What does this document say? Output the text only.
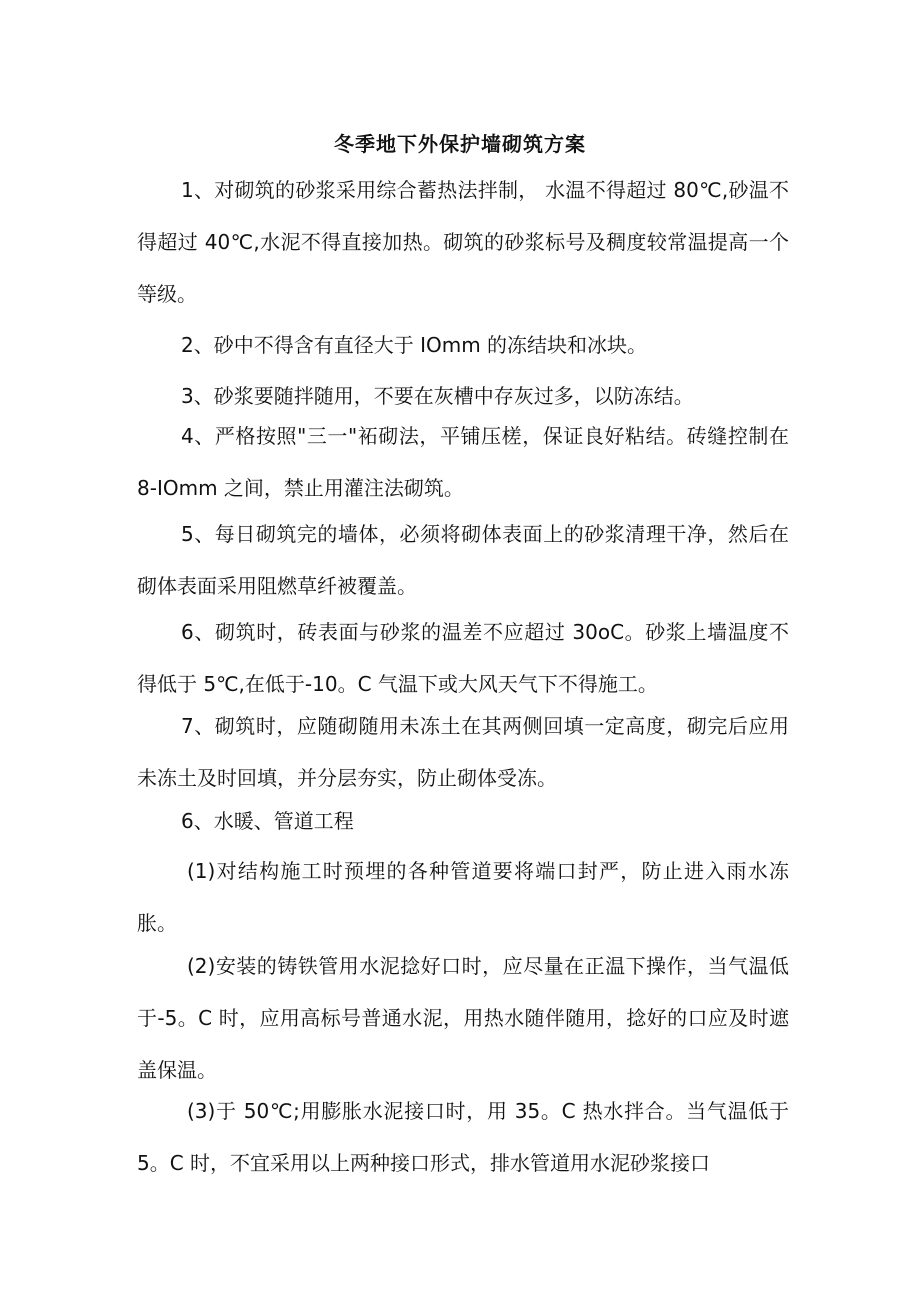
冬季地下外保护墙砌筑方案
1、对砌筑的砂浆采用综合蓄热法拌制， 水温不得超过 80℃,砂温不得超过 40℃,水泥不得直接加热。砌筑的砂浆标号及稠度较常温提高一个等级。
2、砂中不得含有直径大于 IOmm 的冻结块和冰块。
3、砂浆要随拌随用，不要在灰槽中存灰过多，以防冻结。
4、严格按照"三一"袥砌法，平铺压槎，保证良好粘结。砖缝控制在 8-IOmm 之间，禁止用灌注法砌筑。
5、每日砌筑完的墙体，必须将砌体表面上的砂浆清理干净，然后在砌体表面采用阻燃草纤被覆盖。
6、砌筑时，砖表面与砂浆的温差不应超过 30oC。砂浆上墙温度不得低于 5℃,在低于-10。C 气温下或大风天气下不得施工。
7、砌筑时，应随砌随用未冻土在其两侧回填一定高度，砌完后应用未冻土及时回填，并分层夯实，防止砌体受冻。
6、水暖、管道工程
(1)对结构施工时预埋的各种管道要将端口封严，防止进入雨水冻胀。
(2)安装的铸铁管用水泥捻好口时，应尽量在正温下操作，当气温低于-5。C 时，应用高标号普通水泥，用热水随伴随用，捻好的口应及时遮盖保温。
(3)于 50℃;用膨胀水泥接口时，用 35。C 热水拌合。当气温低于 5。C 时，不宜采用以上两种接口形式，排水管道用水泥砂浆接口
